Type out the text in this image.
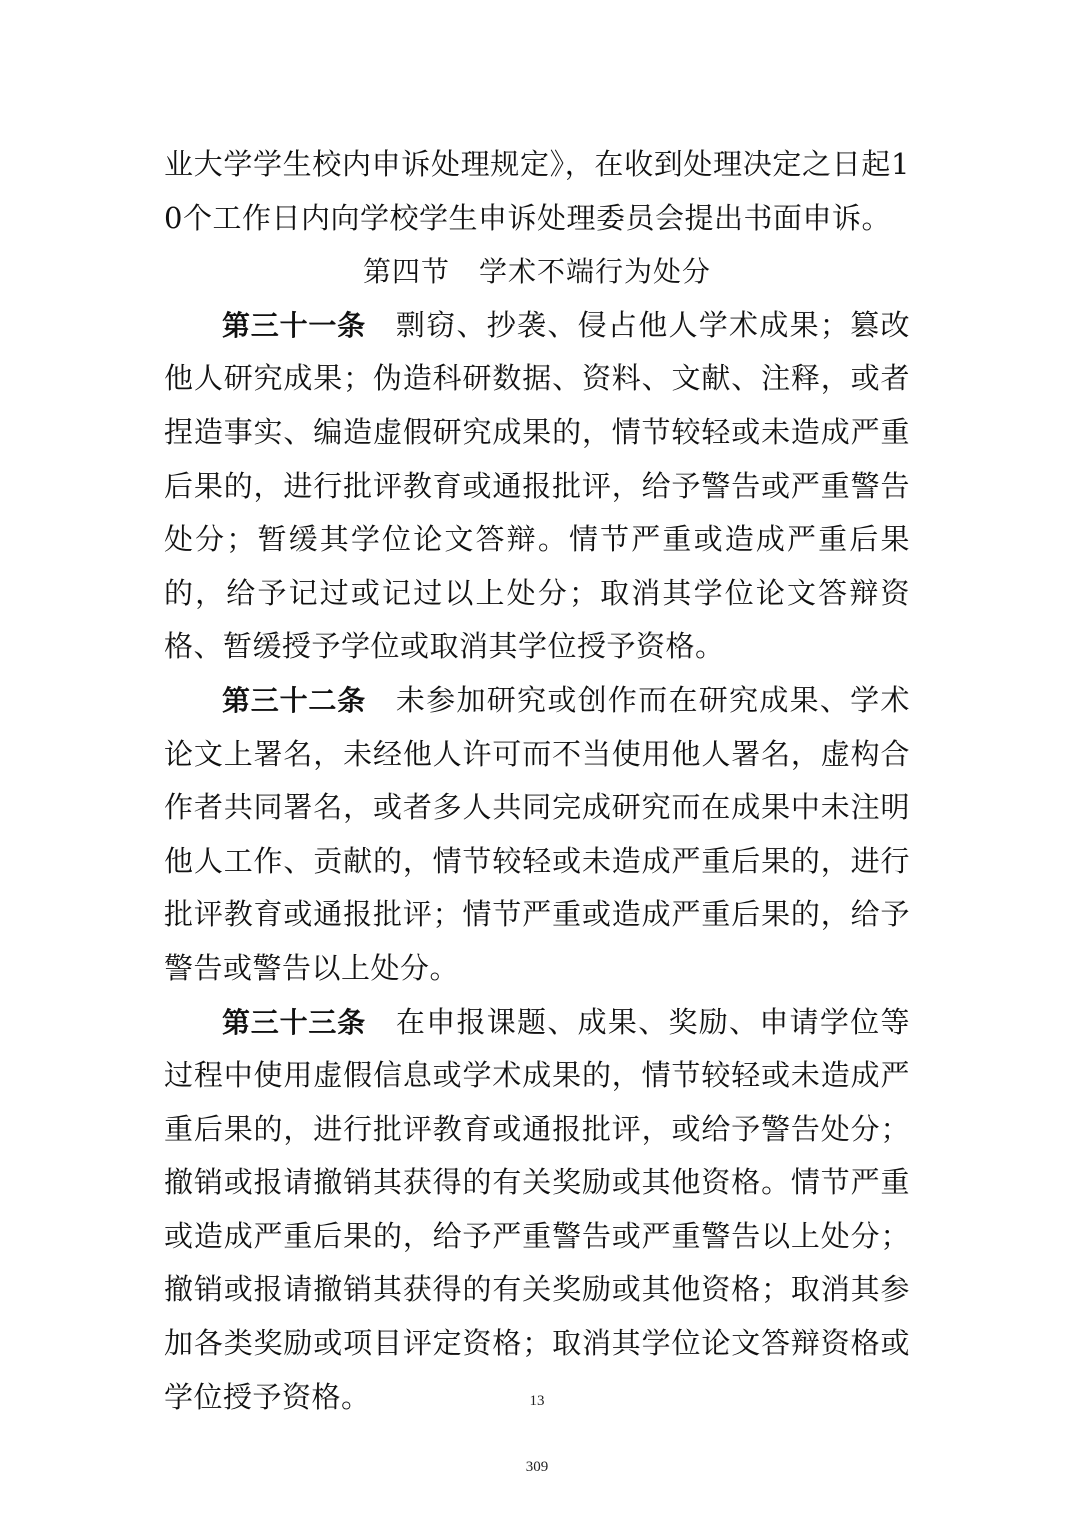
业大学学生校内申诉处理规定》，在收到处理决定之日起10个工作日内向学校学生申诉处理委员会提出书面申诉。

第四节　学术不端行为处分

第三十一条 剽窃、抄袭、侵占他人学术成果；篡改他人研究成果；伪造科研数据、资料、文献、注释，或者捏造事实、编造虚假研究成果的，情节较轻或未造成严重后果的，进行批评教育或通报批评，给予警告或严重警告处分；暂缓其学位论文答辩。情节严重或造成严重后果的，给予记过或记过以上处分；取消其学位论文答辩资格、暂缓授予学位或取消其学位授予资格。

第三十二条 未参加研究或创作而在研究成果、学术论文上署名，未经他人许可而不当使用他人署名，虚构合作者共同署名，或者多人共同完成研究而在成果中未注明他人工作、贡献的，情节较轻或未造成严重后果的，进行批评教育或通报批评；情节严重或造成严重后果的，给予警告或警告以上处分。

第三十三条 在申报课题、成果、奖励、申请学位等过程中使用虚假信息或学术成果的，情节较轻或未造成严重后果的，进行批评教育或通报批评，或给予警告处分；撤销或报请撤销其获得的有关奖励或其他资格。情节严重或造成严重后果的，给予严重警告或严重警告以上处分；撤销或报请撤销其获得的有关奖励或其他资格；取消其参加各类奖励或项目评定资格；取消其学位论文答辩资格或学位授予资格。	13
309
